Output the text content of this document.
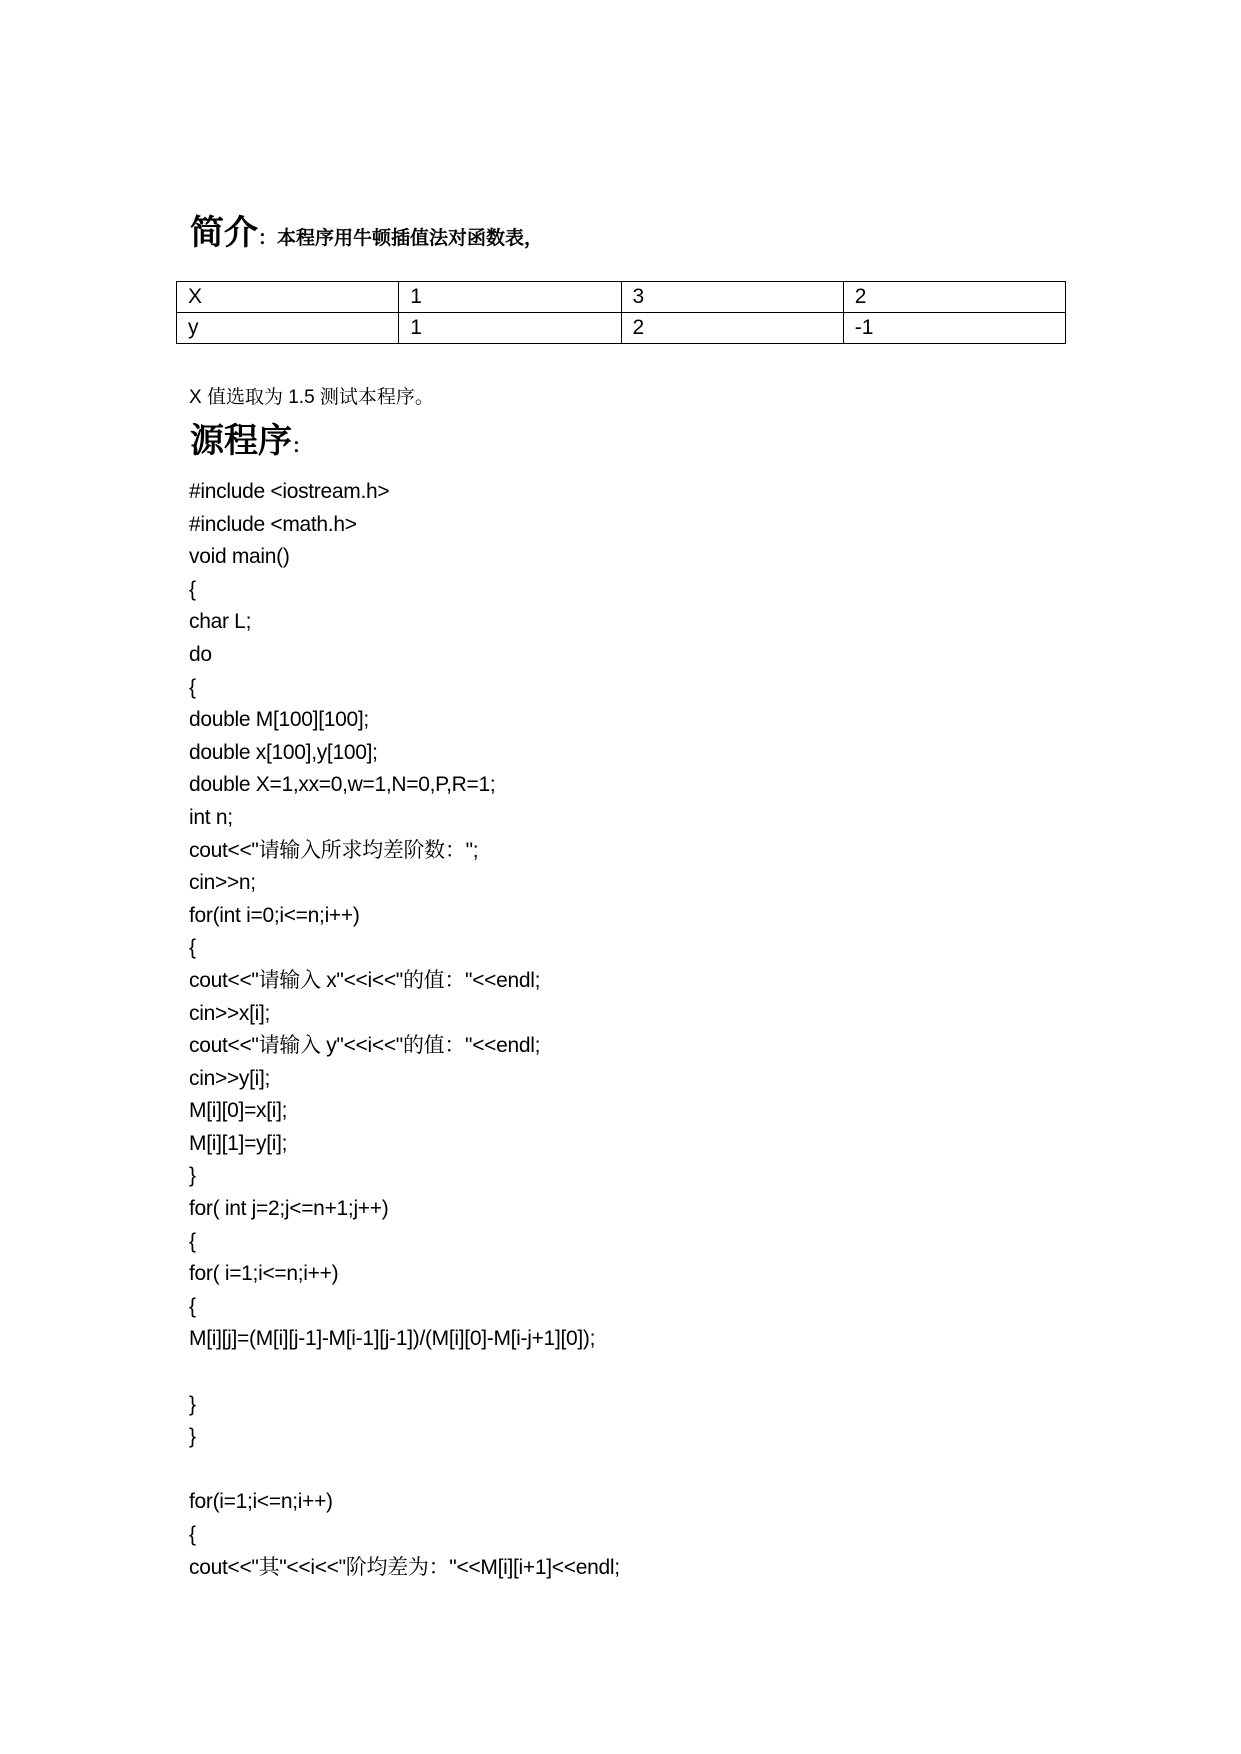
简介：本程序用牛顿插值法对函数表，
X	1	3	2
y	1	2	-1
X 值选取为 1.5 测试本程序。
源程序：
#include <iostream.h>
#include <math.h>
void main()
{
char L;
do
{
double M[100][100];
double x[100],y[100];
double X=1,xx=0,w=1,N=0,P,R=1;
int n;
cout<<"请输入所求均差阶数：";
cin>>n;
for(int i=0;i<=n;i++)
{
cout<<"请输入 x"<<i<<"的值："<<endl;
cin>>x[i];
cout<<"请输入 y"<<i<<"的值："<<endl;
cin>>y[i];
M[i][0]=x[i];
M[i][1]=y[i];
}
for( int j=2;j<=n+1;j++)
{
for( i=1;i<=n;i++)
{
M[i][j]=(M[i][j-1]-M[i-1][j-1])/(M[i][0]-M[i-j+1][0]);
}
}
for(i=1;i<=n;i++)
{
cout<<"其"<<i<<"阶均差为："<<M[i][i+1]<<endl;
